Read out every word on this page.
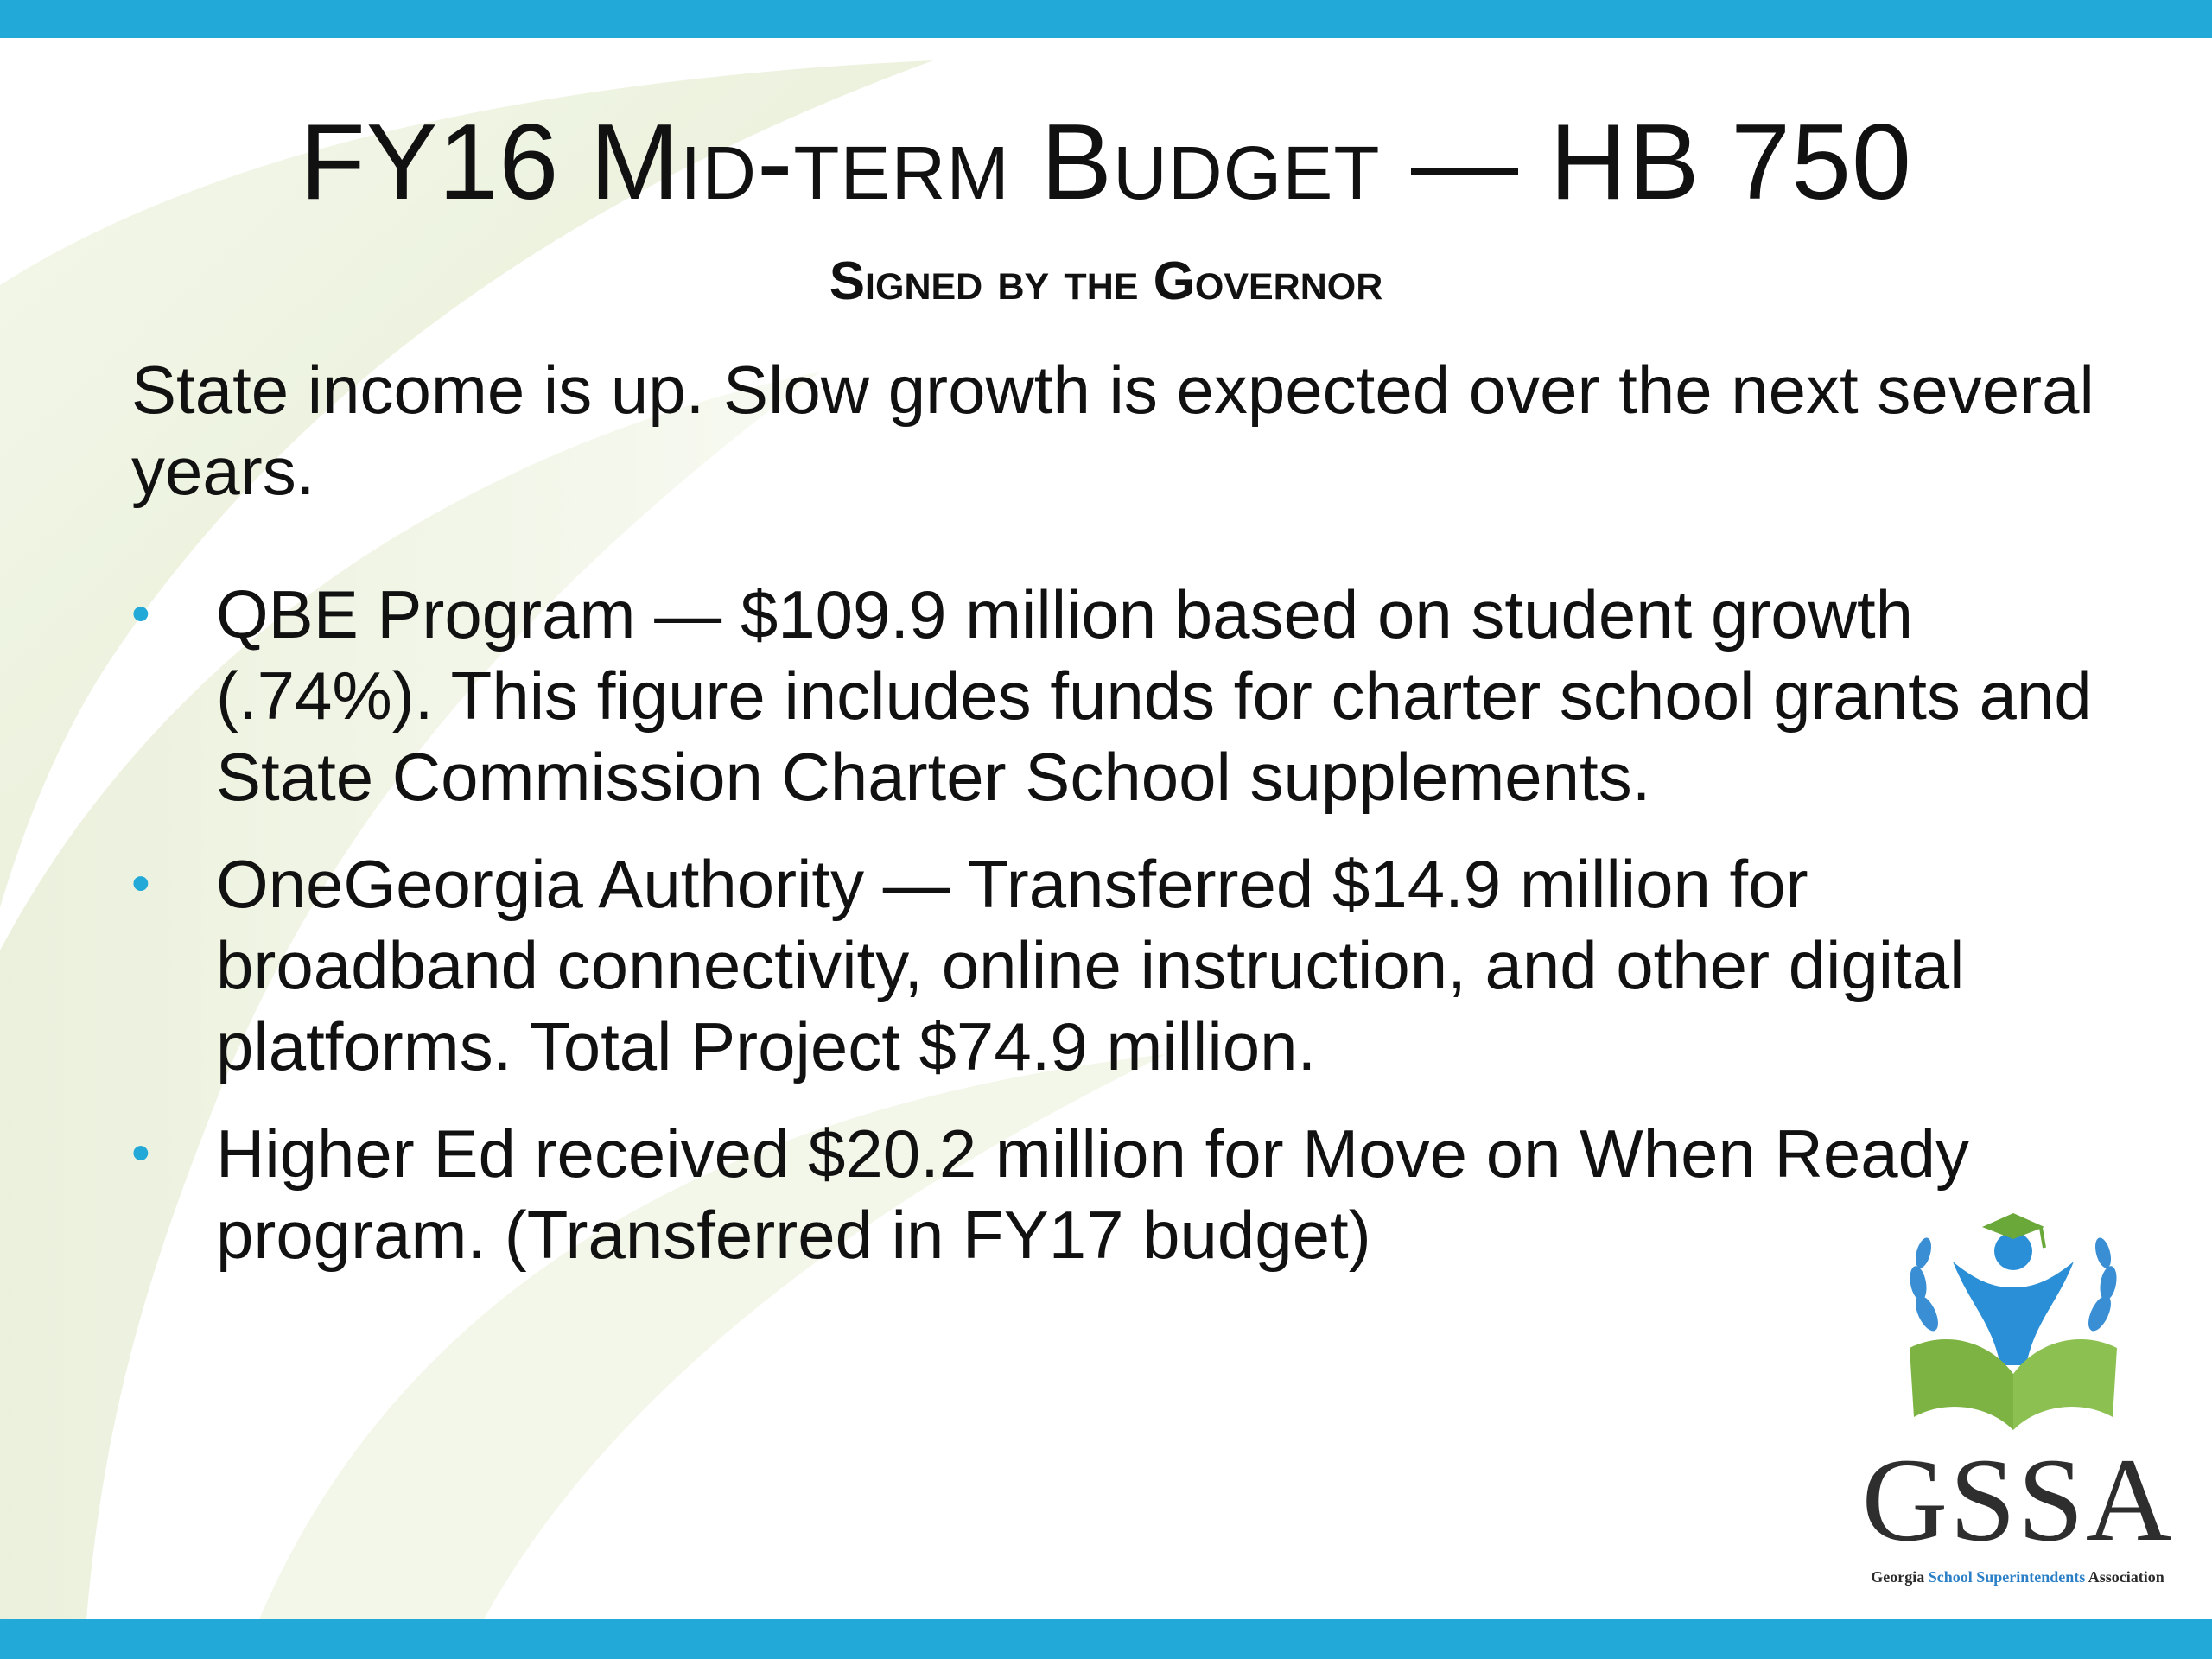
FY16 Mid-term Budget — HB 750
Signed by the Governor

State income is up. Slow growth is expected over the next several years.

• QBE Program — $109.9 million based on student growth (.74%). This figure includes funds for charter school grants and State Commission Charter School supplements.
• OneGeorgia Authority — Transferred $14.9 million for broadband connectivity, online instruction, and other digital platforms. Total Project $74.9 million.
• Higher Ed received $20.2 million for Move on When Ready program. (Transferred in FY17 budget)
GSSA
Georgia School Superintendents Association
